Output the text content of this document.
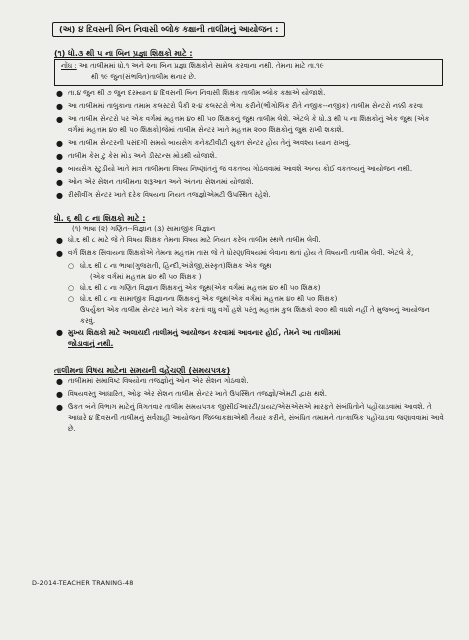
(અ) ૪ દિવસની બિન નિવાસી બ્લોક કક્ષાની તાલીમનું આયોજન :
(૧) ધો.૩ થી ૫ ના બિન પ્રજ્ઞા શિક્ષકો માટે :
નોંધ : આ તાલીમમાં ધો.૧ અને ૨ના બિન પ્રજ્ઞા શિક્ષકોને સામેલ કરવાના નથી. તેમના માટે તા.૧૯
થી ૧૯ જુન(સંભવિત)તાલીમ થનાર છે.
● તા.૪ જુન થી ૭ જુન દરમ્યાન ૪ દિવસની બિન નિવાસી શિક્ષક તાલીમ બ્લોક કક્ષાએ યોજાશે.
● આ તાલીમમાં તાલુકાના તમામ કલસ્ટરો પૈકી ૨-૪ કલસ્ટરો ભેગા કરીને(ભૌગોલિક રીતે નજીક--નજીક) તાલીમ સેન્ટરો નક્કી કરવા
● આ તાલીમ સેન્ટરો પર એક વર્ગમાં મહત્તમ ૪૦ થી ૫૦ શિક્ષકનું જુથ તાલીમ લેશે. એટલે કે ધો.૩ થી ૫ ના શિક્ષકોનું એક જુથ (એક વર્ગમાં મહત્તમ ૪૦ થી ૫૦ શિક્ષકો)જેમાં તાલીમ સેન્ટર ખાતે મહત્તમ ૨૦૦ શિક્ષકોનું જુથ રાખી શકાશે.
● આ તાલીમ સેન્ટરની પસંદગી સમયે બાયસેગ કનેક્ટીવીટી યુક્ત સેન્ટર હોય તેનું અવશ્ય ધ્યાન રાખવું.
● તાલીમ કેસ ટુ કેસ મોડ અને ડીસ્ટન્સ મોડથી યોજાશે.
● બાયસેગ સ્ટુડીયો ખાતે માત્ર તાલીમના વિષય નિષ્ણાંતનું જ વકતવ્ય ગોઠવવામાં આવશે અન્ય કોઈ વકતવ્યનું આયોજન નથી.
● ઓન એર સેશન તાલીમના શરૂઆત અને અંતના સેશનમાં યોજાશે.
● રીસીવીંગ સેન્ટર ખાતે દરેક વિષયના નિયત તજજ્ઞોએમટી ઉપસ્થિત રહેશે.
ધો. ૬ થી ૮ ના શિક્ષકો માટે :
(૧) ભાષા (૨) ગણિત--વિજ્ઞાન (૩) સામાજીક વિજ્ઞાન
● ધો.૬ થી ૮ માટે જે તે વિષય શિક્ષક તેમના વિષય માટે નિયત કરેલ તાલીમ સ્થળે તાલીમ લેવી.
● વર્ગ શિક્ષક સિવાયના શિક્ષકોએ તેમના મહત્તમ તાસ જે તે ધોરણ/વિષયમાં લેવાના થતાં હોય તે વિષયની તાલીમ લેવી. એટલે કે,
○ ધો.૬ થી ૮ ના ભાષા(ગુજરાતી, હિન્દી,અંગ્રેજી,સંસ્કૃત)શિક્ષક એક જુથ
(એક વર્ગમાં મહત્તમ ૪૦ થી ૫૦ શિક્ષક )
○ ધો.૬ થી ૮ ના ગણિત વિજ્ઞાન શિક્ષકનું એક જુથ(એક વર્ગમાં મહત્તમ ૪૦ થી ૫૦ શિક્ષક)
○ ધો.૬ થી ૮ ના સામાજીક વિજ્ઞાનના શિક્ષકનું એક જુથ(એક વર્ગમાં મહત્તમ ૪૦ થી ૫૦ શિક્ષક)
ઉપર્યુક્ત એક તાલીમ સેન્ટર ખાતે એક કરતાં વધુ વર્ગો હશે પરંતુ મહત્તમ કુલ શિક્ષકો ૨૦૦ થી વધશે નહીં તે મુજબનું આયોજન કરવું.
● મુખ્ય શિક્ષકો માટે અલાયદી તાલીમનું આયોજન કરવામાં આવનાર હોઈ, તેમને આ તાલીમમાં
જોડાવાનું નથી.
તાલીમના વિષય માટેના સમયની વહેંચણી (સમયપત્રક)
● તાલીમમાં સમાવિષ્ટ વિષયોના તજજ્ઞોનું ઓન એર સેશન ગોઠવાશે.
● વિષયવસ્તુ આધારિત, ઓફ એર સેશન તાલીમ સેન્ટર ખાતે ઉપસ્થિત તજજ્ઞો/એમટી દ્વારા થશે.
● ઉકત બંને વિભાગ માટેનું વિગતવાર તાલીમ સમયપત્રક જીસીઈઆરટી/ડાયટ/એસએસએ મારફતે સંબંધિતોને પહોંચાડવામાં આવશે. તે આધારે ૪ દિવસની તાલીમનું સર્વગ્રાહી આયોજન જિલ્લાકક્ષાએથી તૈયાર કરીને, સંબંધિત તમામને તાત્કાલિક પહોંચાડવા જણાવવામાં આવે છે.
D-2014-TEACHER TRANING-48
